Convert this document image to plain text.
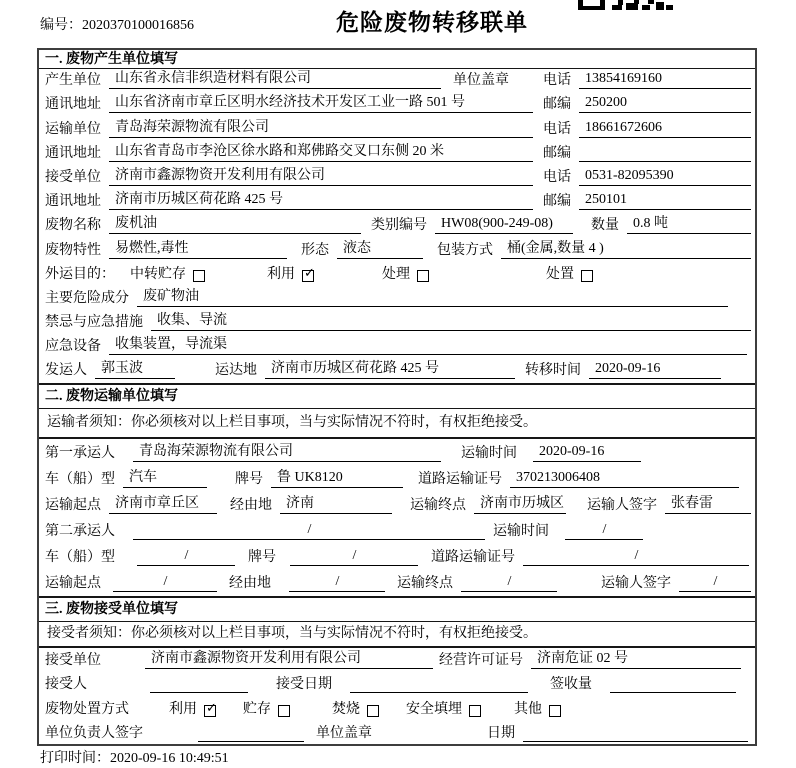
编号：2020370100016856	危险废物转移联单
一. 废物产生单位填写
产生单位	山东省永信非织造材料有限公司	单位盖章 电话	13854169160
通讯地址	山东省济南市章丘区明水经济技术开发区工业一路 501 号	邮编	250200
运输单位	青岛海荣源物流有限公司	电话	18661672606
通讯地址	山东省青岛市李沧区徐水路和郑佛路交叉口东侧 20 米	邮编
接受单位	济南市鑫源物资开发利用有限公司	电话	0531-82095390
通讯地址	济南市历城区荷花路 425 号	邮编	250101
废物名称	废机油	类别编号	HW08(900-249-08)	数量	0.8 吨
废物特性	易燃性,毒性	形态	液态	包装方式	桶(金属,数量 4 )
外运目的： 中转贮存	利用 ✓	处理	处置
主要危险成分	废矿物油
禁忌与应急措施	收集、导流
应急设备	收集装置，导流渠
发运人	郭玉波	运达地	济南市历城区荷花路 425 号	转移时间	2020-09-16
二. 废物运输单位填写
运输者须知：你必须核对以上栏目事项，当与实际情况不符时，有权拒绝接受。
第一承运人	青岛海荣源物流有限公司	运输时间	2020-09-16
车（船）型	汽车	牌号	鲁 UK8120	道路运输证号	370213006408
运输起点	济南市章丘区	经由地	济南	运输终点	济南市历城区 运输人签字	张春雷
第二承运人	/	运输时间	/
车（船）型	/	牌号	/	道路运输证号	/
运输起点	/	经由地	/	运输终点	/	运输人签字	/
三. 废物接受单位填写
接受者须知：你必须核对以上栏目事项，当与实际情况不符时，有权拒绝接受。
接受单位	济南市鑫源物资开发利用有限公司	经营许可证号	济南危证 02 号
接受人	接受日期	签收量
废物处置方式	利用 ✓ 贮存	焚烧	安全填埋	其他
单位负责人签字	单位盖章	日期
打印时间：2020-09-16 10:49:51
